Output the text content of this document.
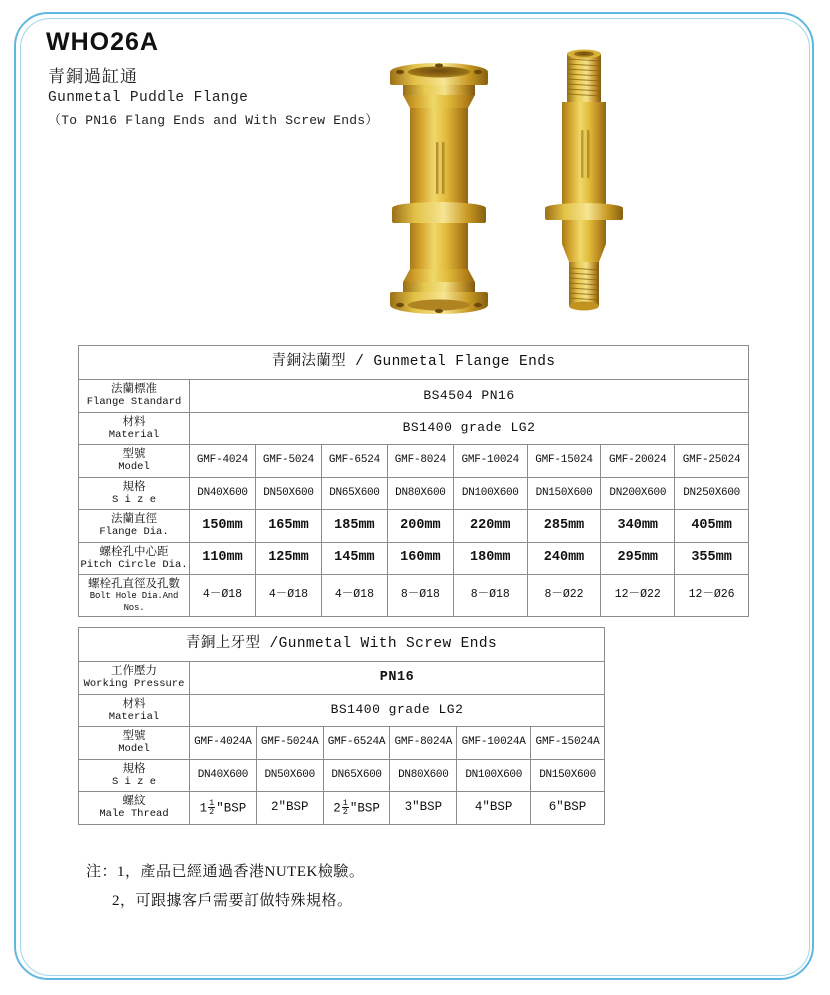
WHO26A
青銅過缸通
Gunmetal Puddle Flange
（To PN16 Flang Ends and With Screw Ends）
青銅法蘭型 / Gunmetal Flange Ends								

法蘭標准
Flange Standard	BS4504 PN16							

材料
Material	BS1400 grade LG2							

型號
Model	GMF-4024	GMF-5024	GMF-6524	GMF-8024	GMF-10024	GMF-15024	GMF-20024	GMF-25024

規格
S i z e	DN40X600	DN50X600	DN65X600	DN80X600	DN100X600	DN150X600	DN200X600	DN250X600

法蘭直徑
Flange Dia.	150mm	165mm	185mm	200mm	220mm	285mm	340mm	405mm

螺栓孔中心距
Pitch Circle Dia.	110mm	125mm	145mm	160mm	180mm	240mm	295mm	355mm

螺栓孔直徑及孔數
Bolt Hole Dia.And Nos.	4－Ø18	4－Ø18	4－Ø18	8－Ø18	8－Ø18	8－Ø22	12－Ø22	12－Ø26
青銅上牙型 /Gunmetal With Screw Ends						

工作壓力
Working Pressure	PN16					

材料
Material	BS1400 grade LG2					

型號
Model	GMF-4024A	GMF-5024A	GMF-6524A	GMF-8024A	GMF-10024A	GMF-15024A

規格
S i z e	DN40X600	DN50X600	DN65X600	DN80X600	DN100X600	DN150X600

螺紋
Male Thread	$1 \frac{1}{2} ''BSP$	2"BSP	$2 \frac{1}{2} ''BSP$	3"BSP	4"BSP	6"BSP
注：1，產品已經通過香港NUTEK檢驗。
2，可跟據客戶需要訂做特殊規格。
